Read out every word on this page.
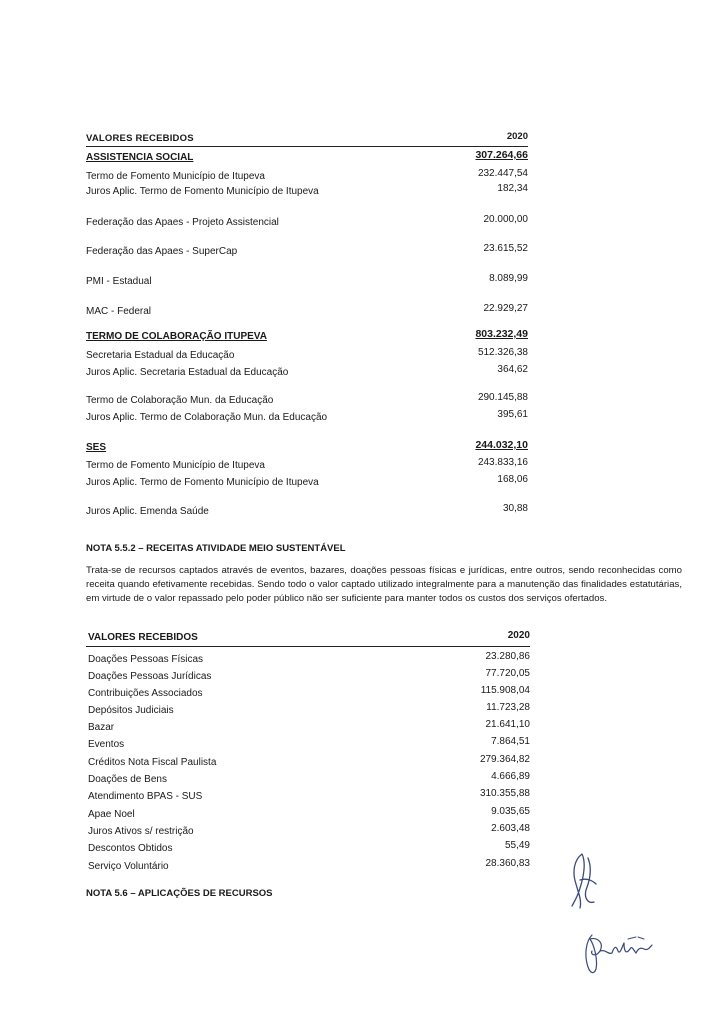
VALORES RECEBIDOS	2020
ASSISTENCIA SOCIAL	307.264,66
Termo de Fomento Município de Itupeva	232.447,54
Juros Aplic. Termo de Fomento Município de Itupeva	182,34
Federação das Apaes - Projeto Assistencial	20.000,00
Federação das Apaes - SuperCap	23.615,52
PMI - Estadual	8.089,99
MAC - Federal	22.929,27
TERMO DE COLABORAÇÃO ITUPEVA	803.232,49
Secretaria Estadual da Educação	512.326,38
Juros Aplic. Secretaria Estadual da Educação	364,62
Termo de Colaboração Mun. da Educação	290.145,88
Juros Aplic. Termo de Colaboração Mun. da Educação	395,61
SES	244.032,10
Termo de Fomento Município de Itupeva	243.833,16
Juros Aplic. Termo de Fomento Município de Itupeva	168,06
Juros Aplic. Emenda Saúde	30,88
NOTA 5.5.2 – RECEITAS ATIVIDADE MEIO SUSTENTÁVEL
Trata-se de recursos captados através de eventos, bazares, doações pessoas físicas e jurídicas, entre outros, sendo reconhecidas como receita quando efetivamente recebidas. Sendo todo o valor captado utilizado integralmente para a manutenção das finalidades estatutárias, em virtude de o valor repassado pelo poder público não ser suficiente para manter todos os custos dos serviços ofertados.
VALORES RECEBIDOS	2020
Doações Pessoas Físicas	23.280,86
Doações Pessoas Jurídicas	77.720,05
Contribuições Associados	115.908,04
Depósitos Judiciais	11.723,28
Bazar	21.641,10
Eventos	7.864,51
Créditos Nota Fiscal Paulista	279.364,82
Doações de Bens	4.666,89
Atendimento BPAS - SUS	310.355,88
Apae Noel	9.035,65
Juros Ativos s/ restrição	2.603,48
Descontos Obtidos	55,49
Serviço Voluntário	28.360,83
NOTA 5.6 – APLICAÇÕES DE RECURSOS
